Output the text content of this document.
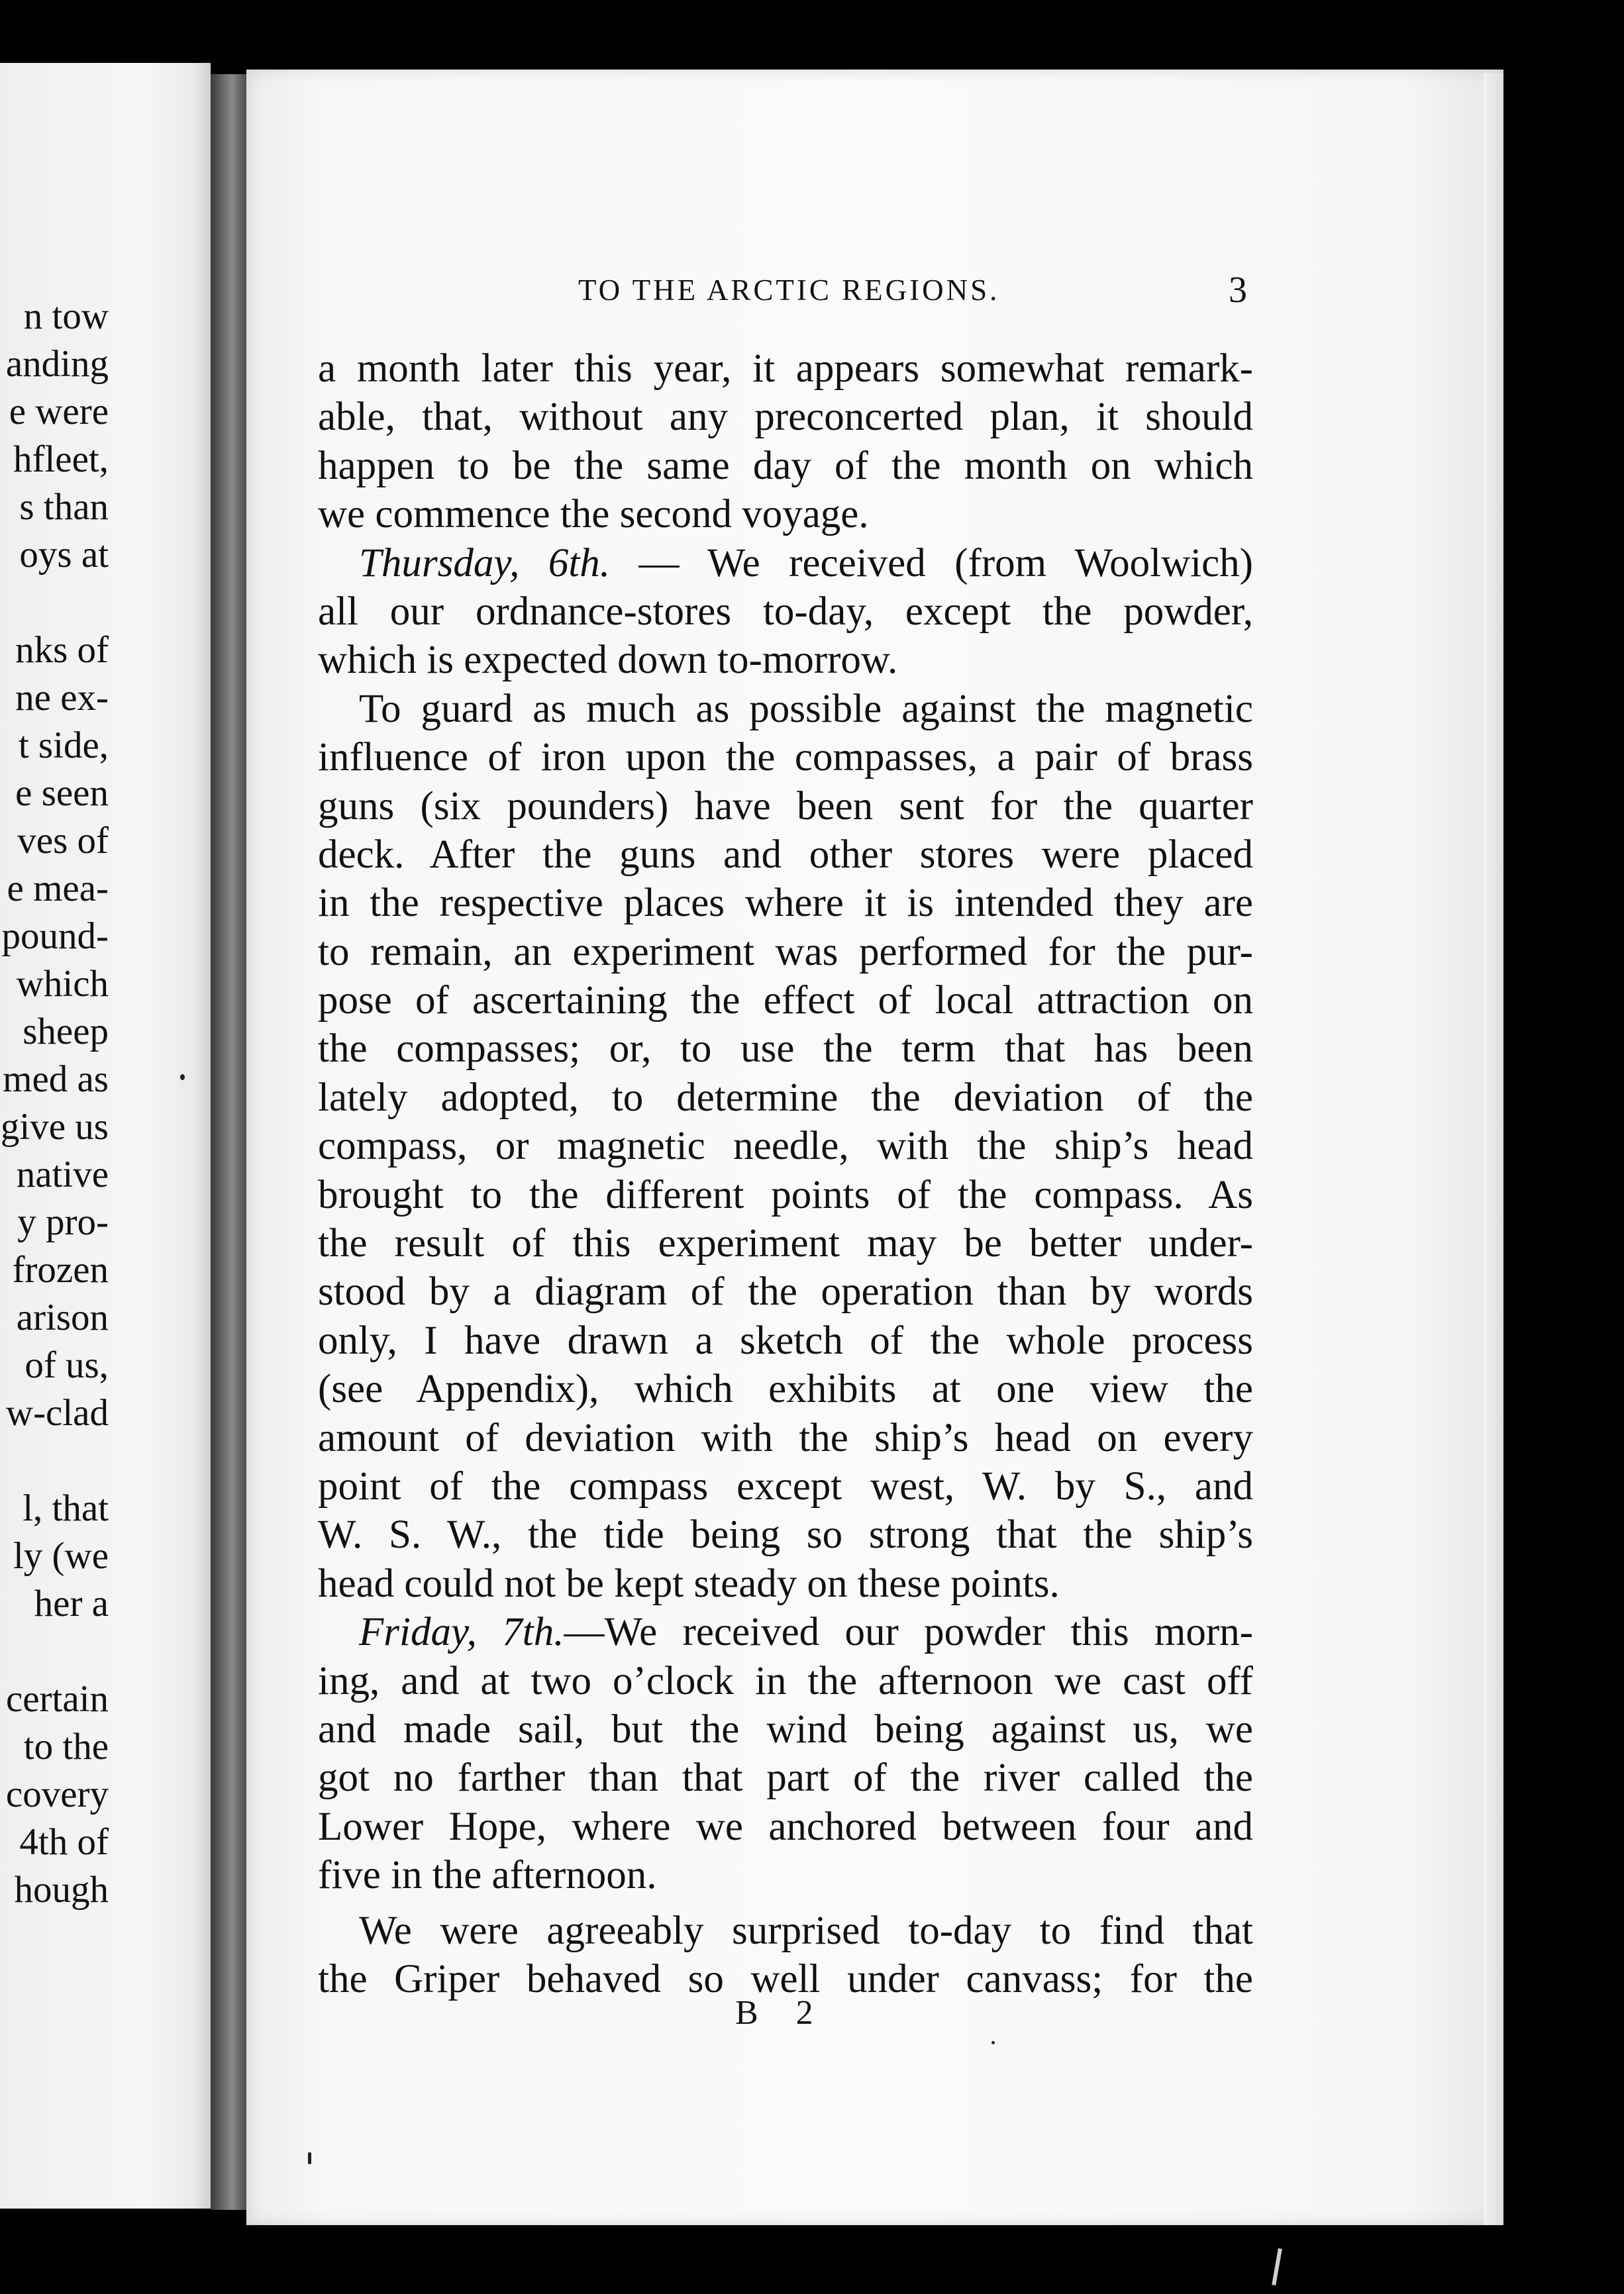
n tow
anding
e were
hfleet,
s than
oys at
nks of
ne ex-
t side,
e seen
ves of
e mea-
pound-
which
sheep
med as
give us
native
y pro-
frozen
arison
of us,
w-clad
l, that
ly (we
her a
certain
to the
covery
4th of
hough
TO THE ARCTIC REGIONS.	3
a month later this year, it appears somewhat remark-
able, that, without any preconcerted plan, it should
happen to be the same day of the month on which
we commence the second voyage.
Thursday, 6th. — We received (from Woolwich)
all our ordnance-stores to-day, except the powder,
which is expected down to-morrow.
To guard as much as possible against the magnetic
influence of iron upon the compasses, a pair of brass
guns (six pounders) have been sent for the quarter
deck. After the guns and other stores were placed
in the respective places where it is intended they are
to remain, an experiment was performed for the pur-
pose of ascertaining the effect of local attraction on
the compasses; or, to use the term that has been
lately adopted, to determine the deviation of the
compass, or magnetic needle, with the ship’s head
brought to the different points of the compass. As
the result of this experiment may be better under-
stood by a diagram of the operation than by words
only, I have drawn a sketch of the whole process
(see Appendix), which exhibits at one view the
amount of deviation with the ship’s head on every
point of the compass except west, W. by S., and
W. S. W., the tide being so strong that the ship’s
head could not be kept steady on these points.
Friday, 7th.—We received our powder this morn-
ing, and at two o’clock in the afternoon we cast off
and made sail, but the wind being against us, we
got no farther than that part of the river called the
Lower Hope, where we anchored between four and
five in the afternoon.
We were agreeably surprised to-day to find that
the Griper behaved so well under canvass; for the
B 2
